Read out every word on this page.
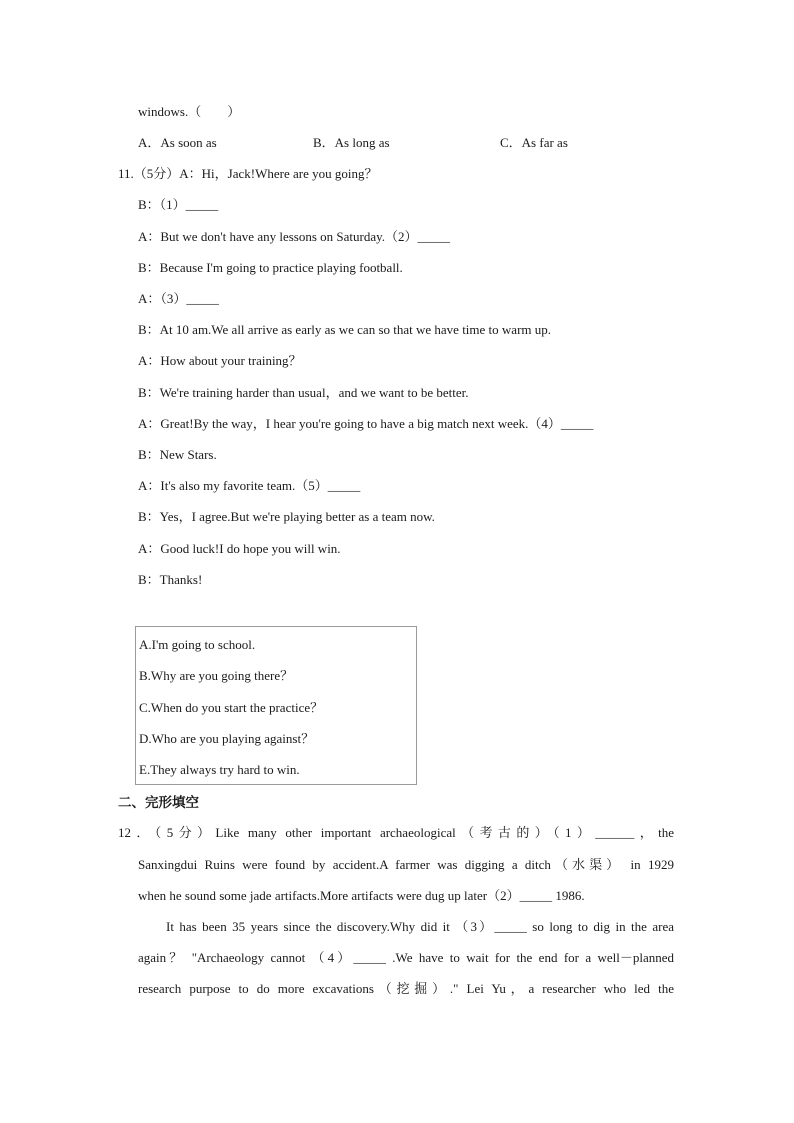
windows.（　　）
A．As soon as	B．As long as	C．As far as
11.（5分）A：Hi，Jack!Where are you going？
B：（1）_____
A：But we don't have any lessons on Saturday.（2）_____
B：Because I'm going to practice playing football.
A：（3）_____
B：At 10 am.We all arrive as early as we can so that we have time to warm up.
A：How about your training？
B：We're training harder than usual，and we want to be better.
A：Great!By the way，I hear you're going to have a big match next week.（4）_____
B：New Stars.
A：It's also my favorite team.（5）_____
B：Yes，I agree.But we're playing better as a team now.
A：Good luck!I do hope you will win.
B：Thanks!
A.I'm going to school.
B.Why are you going there？
C.When do you start the practice？
D.Who are you playing against？
E.They always try hard to win.
二、完形填空
12．（5分）Like many other important archaeological（考古的）（1）______，the
Sanxingdui Ruins were found by accident.A farmer was digging a ditch（水渠） in 1929
when he sound some jade artifacts.More artifacts were dug up later（2）_____ 1986.
It has been 35 years since the discovery.Why did it （3）_____ so long to dig in the area
again？ "Archaeology cannot （4）_____ .We have to wait for the end for a well－planned
research purpose to do more excavations（挖掘）." Lei Yu，a researcher who led the
